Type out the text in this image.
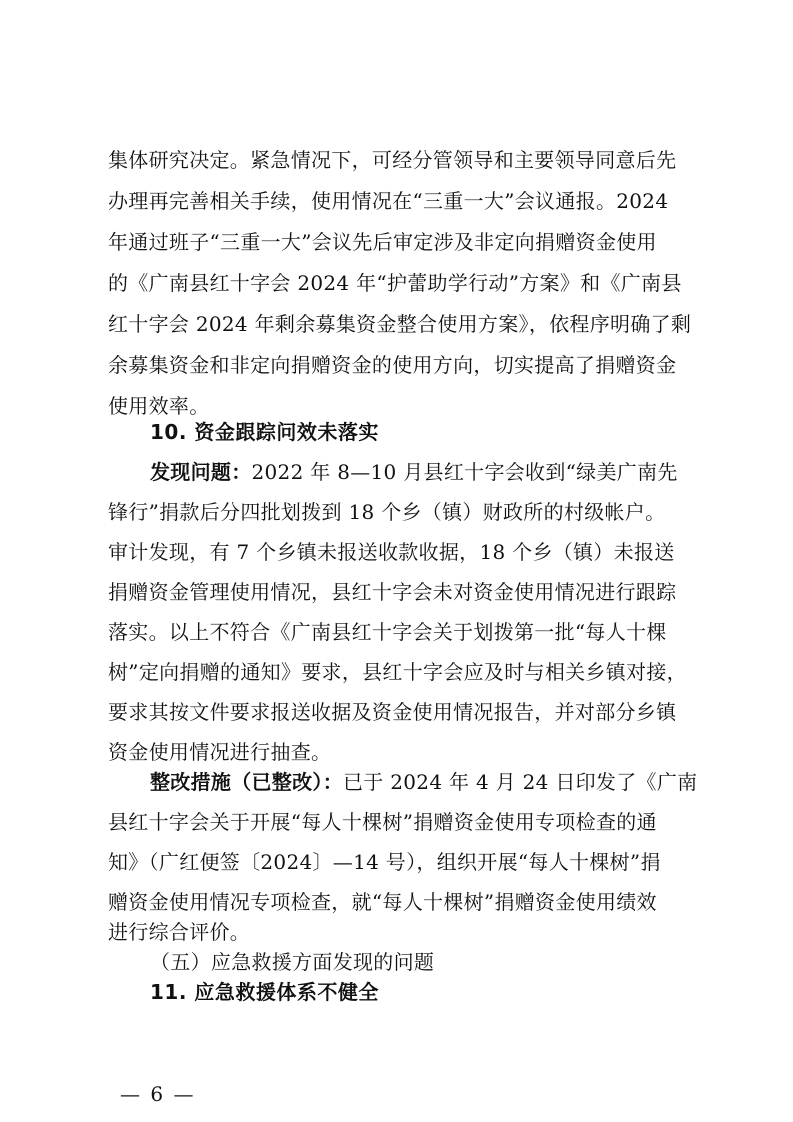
集体研究决定。紧急情况下，可经分管领导和主要领导同意后先
办理再完善相关手续，使用情况在“三重一大”会议通报。2024
年通过班子“三重一大”会议先后审定涉及非定向捐赠资金使用
的《广南县红十字会 2024 年“护蕾助学行动”方案》和《广南县
红十字会 2024 年剩余募集资金整合使用方案》，依程序明确了剩
余募集资金和非定向捐赠资金的使用方向，切实提高了捐赠资金
使用效率。
10. 资金跟踪问效未落实
发现问题：2022 年 8—10 月县红十字会收到“绿美广南先
锋行”捐款后分四批划拨到 18 个乡（镇）财政所的村级帐户。
审计发现，有 7 个乡镇未报送收款收据，18 个乡（镇）未报送
捐赠资金管理使用情况，县红十字会未对资金使用情况进行跟踪
落实。以上不符合《广南县红十字会关于划拨第一批“每人十棵
树”定向捐赠的通知》要求，县红十字会应及时与相关乡镇对接，
要求其按文件要求报送收据及资金使用情况报告，并对部分乡镇
资金使用情况进行抽查。
整改措施（已整改）：已于 2024 年 4 月 24 日印发了《广南
县红十字会关于开展“每人十棵树”捐赠资金使用专项检查的通
知》（广红便签〔2024〕—14 号），组织开展“每人十棵树”捐
赠资金使用情况专项检查，就“每人十棵树”捐赠资金使用绩效
进行综合评价。
（五）应急救援方面发现的问题
11. 应急救援体系不健全
— 6 —
